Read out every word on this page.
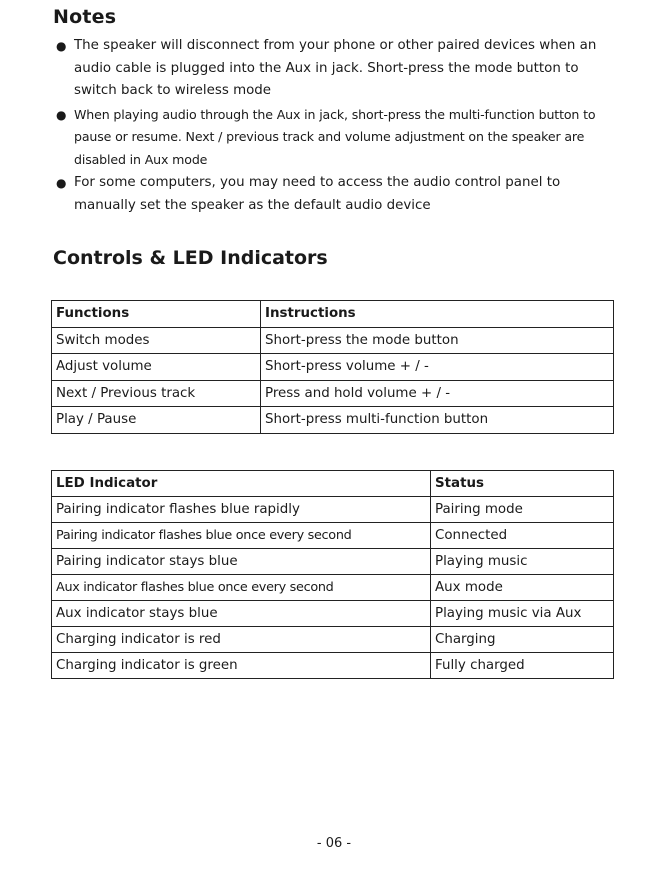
Notes
● The speaker will disconnect from your phone or other paired devices when an audio cable is plugged into the Aux in jack. Short-press the mode button to switch back to wireless mode
● When playing audio through the Aux in jack, short-press the multi-function button to pause or resume. Next / previous track and volume adjustment on the speaker are disabled in Aux mode
● For some computers, you may need to access the audio control panel to manually set the speaker as the default audio device
Controls & LED Indicators
Functions	Instructions
Switch modes	Short-press the mode button
Adjust volume	Short-press volume + / -
Next / Previous track	Press and hold volume + / -
Play / Pause	Short-press multi-function button
LED Indicator	Status
Pairing indicator flashes blue rapidly	Pairing mode
Pairing indicator flashes blue once every second	Connected
Pairing indicator stays blue	Playing music
Aux indicator flashes blue once every second	Aux mode
Aux indicator stays blue	Playing music via Aux
Charging indicator is red	Charging
Charging indicator is green	Fully charged
- 06 -
